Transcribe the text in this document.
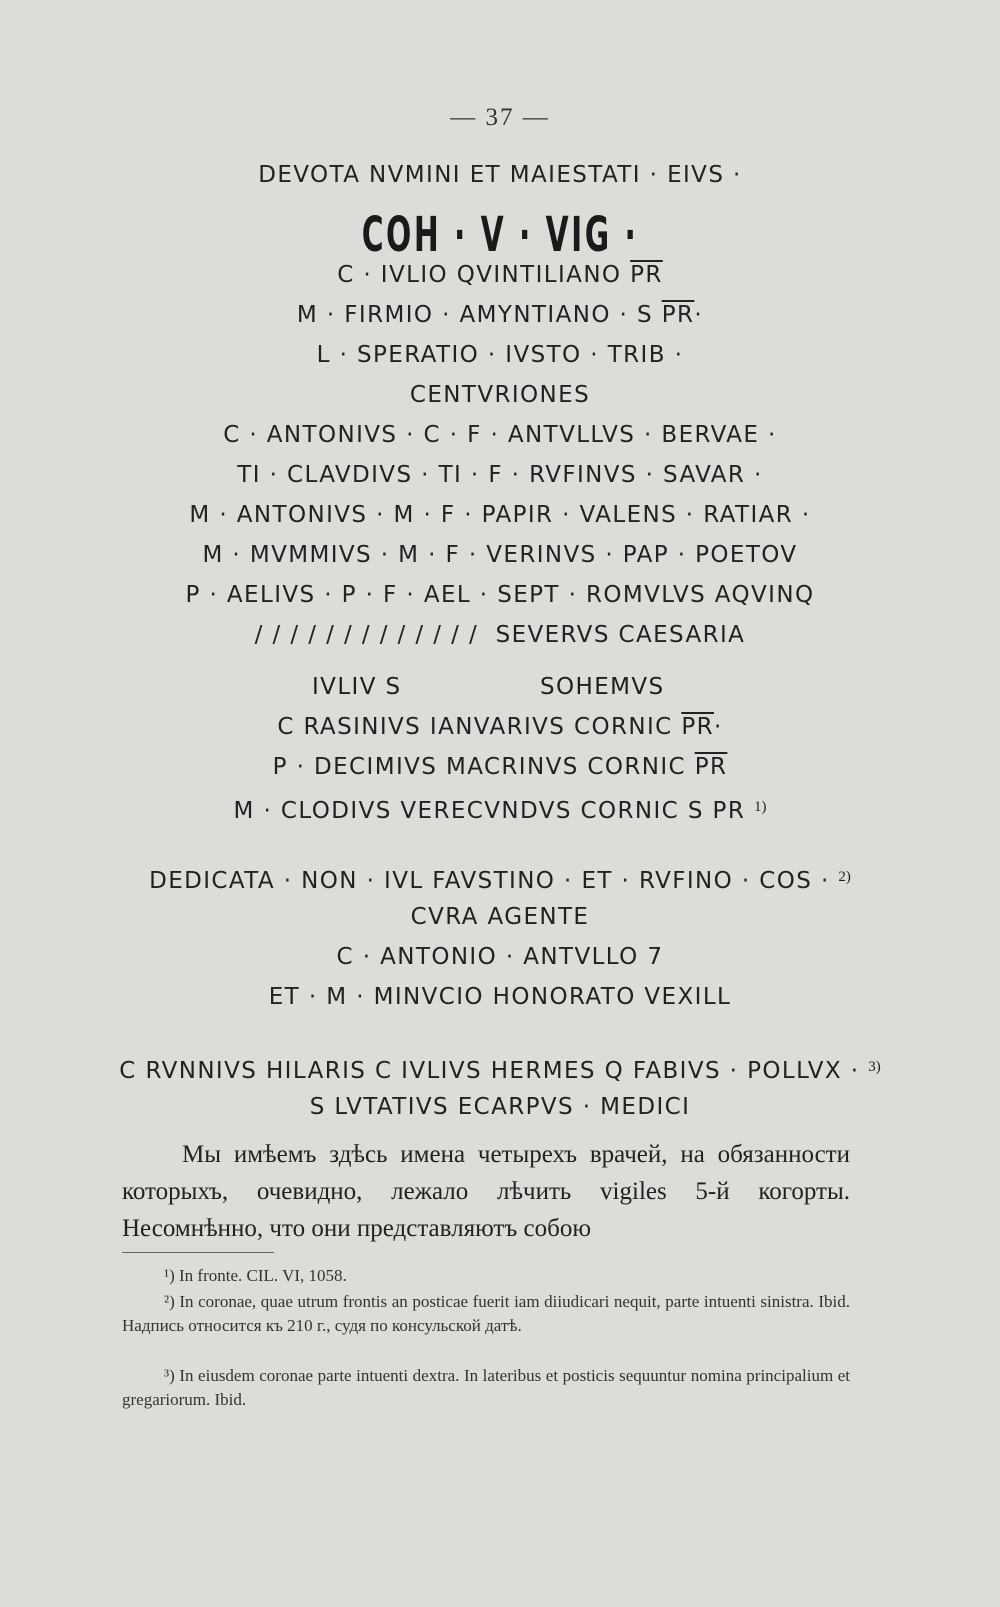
— 37 —
DEVOTA NVMINI ET MAIESTATI · EIVS ·
COH · V · VIG ·
C · IVLIO QVINTILIANO $\overline{PR}$
M · FIRMIO · AMYNTIANO · S $\overline{PR}\cdot$
L · SPERATIO · IVSTO · TRIB ·
CENTVRIONES
C · ANTONIVS · C · F · ANTVLLVS · BERVAE ·
TI · CLAVDIVS · TI · F · RVFINVS · SAVAR ·
M · ANTONIVS · M · F · PAPIR · VALENS · RATIAR ·
M · MVMMIVS · M · F · VERINVS · PAP · POETOV
P · AELIVS · P · F · AEL · SEPT · ROMVLVS AQVINQ
/ / / / / / / / / / / / /  SEVERVS CAESARIA
IVLIV S	SOHEMVS
C RASINIVS IANVARIVS CORNIC $\overline{PR}\cdot$
P · DECIMIVS MACRINVS CORNIC $\overline{PR}$
M · CLODIVS VERECVNDVS CORNIC S PR $^{1)}$
DEDICATA · NON · IVL FAVSTINO · ET · RVFINO · COS · $^{2)}$
CVRA AGENTE
C · ANTONIO · ANTVLLO 7
ET · M · MINVCIO HONORATO VEXILL
C RVNNIVS HILARIS C IVLIVS HERMES Q FABIVS · POLLVX · $^{3)}$
S LVTATIVS ECARPVS · MEDICI
Мы имѣемъ здѣсь имена четырехъ врачей, на обязанности которыхъ, очевидно, лежало лѣчить vigiles 5-й когорты. Несомнѣнно, что они представляютъ собою
¹) In fronte. CIL. VI, 1058.
²) In coronae, quae utrum frontis an posticae fuerit iam diiudicari nequit, parte intuenti sinistra. Ibid. Надпись относится къ 210 г., судя по консульской датѣ.
³) In eiusdem coronae parte intuenti dextra. In lateribus et posticis sequuntur nomina principalium et gregariorum. Ibid.
